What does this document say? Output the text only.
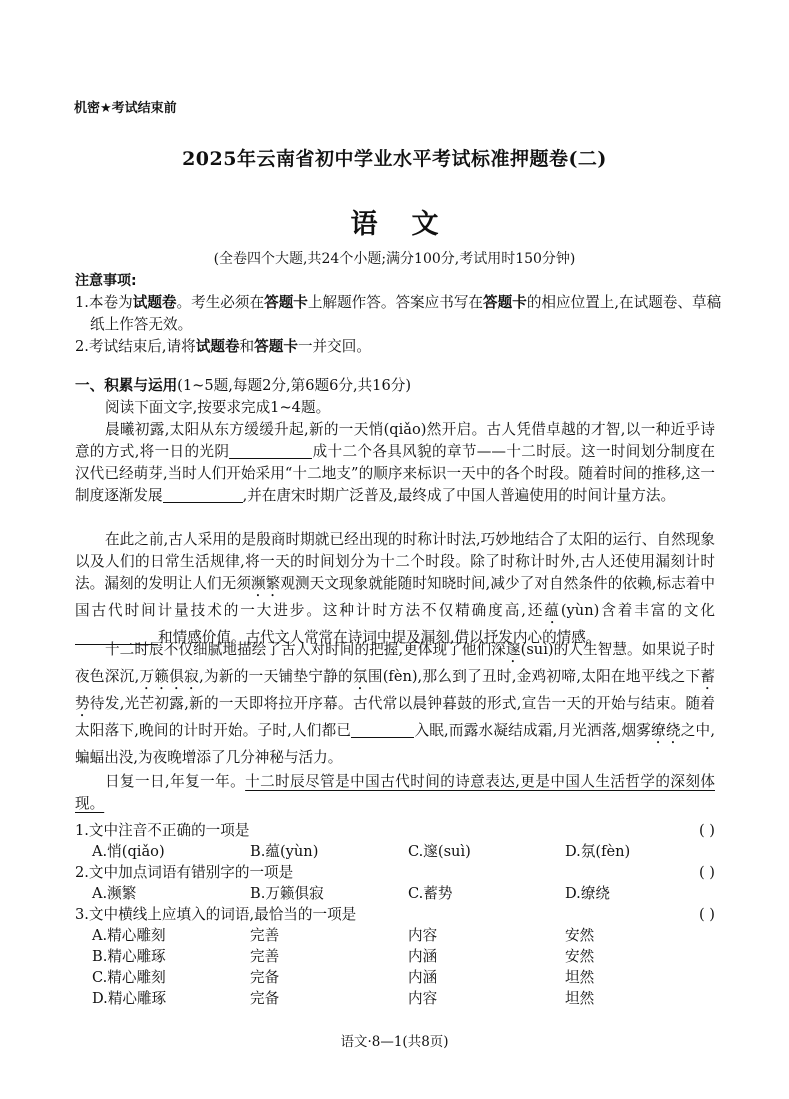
机密★考试结束前
2025年云南省初中学业水平考试标准押题卷(二)
语文
(全卷四个大题,共24个小题;满分100分,考试用时150分钟)
注意事项:
1.本卷为试题卷。考生必须在答题卡上解题作答。答案应书写在答题卡的相应位置上,在试题卷、草稿纸上作答无效。
2.考试结束后,请将试题卷和答题卡一并交回。
一、积累与运用(1~5题,每题2分,第6题6分,共16分)
阅读下面文字,按要求完成1~4题。
晨曦初露,太阳从东方缓缓升起,新的一天悄(qiǎo)然开启。古人凭借卓越的才智,以一种近乎诗意的方式,将一日的光阴	成十二个各具风貌的章节——十二时辰。这一时间划分制度在汉代已经萌芽,当时人们开始采用“十二地支”的顺序来标识一天中的各个时段。随着时间的推移,这一制度逐渐发展	,并在唐宋时期广泛普及,最终成了中国人普遍使用的时间计量方法。
在此之前,古人采用的是殷商时期就已经出现的时称计时法,巧妙地结合了太阳的运行、自然现象以及人们的日常生活规律,将一天的时间划分为十二个时段。除了时称计时外,古人还使用漏刻计时法。漏刻的发明让人们无须濒繁观测天文现象就能随时知晓时间,减少了对自然条件的依赖,标志着中国古代时间计量技术的一大进步。这种计时方法不仅精确度高,还蕴(yùn)含着丰富的文化和情感价值。古代文人常常在诗词中提及漏刻,借以抒发内心的情感。
十二时辰不仅细腻地描绘了古人对时间的把握,更体现了他们深邃(suì)的人生智慧。如果说子时夜色深沉,万籁俱寂,为新的一天铺垫宁静的氛围(fèn),那么到了丑时,金鸡初啼,太阳在地平线之下蓄势待发,光芒初露,新的一天即将拉开序幕。古代常以晨钟暮鼓的形式,宣告一天的开始与结束。随着太阳落下,晚间的计时开始。子时,人们都已	入眠,而露水凝结成霜,月光洒落,烟雾缭绕之中,蝙蝠出没,为夜晚增添了几分神秘与活力。
日复一日,年复一年。十二时辰尽管是中国古代时间的诗意表达,更是中国人生活哲学的深刻体现。
1.文中注音不正确的一项是	( )
A.悄(qiǎo)	B.蕴(yùn)	C.邃(suì)	D.氛(fèn)
2.文中加点词语有错别字的一项是	( )
A.濒繁	B.万籁俱寂	C.蓄势	D.缭绕
3.文中横线上应填入的词语,最恰当的一项是	( )
A.精心雕刻	完善	内容	安然
B.精心雕琢	完善	内涵	安然
C.精心雕刻	完备	内涵	坦然
D.精心雕琢	完备	内容	坦然
语文·8—1(共8页)
